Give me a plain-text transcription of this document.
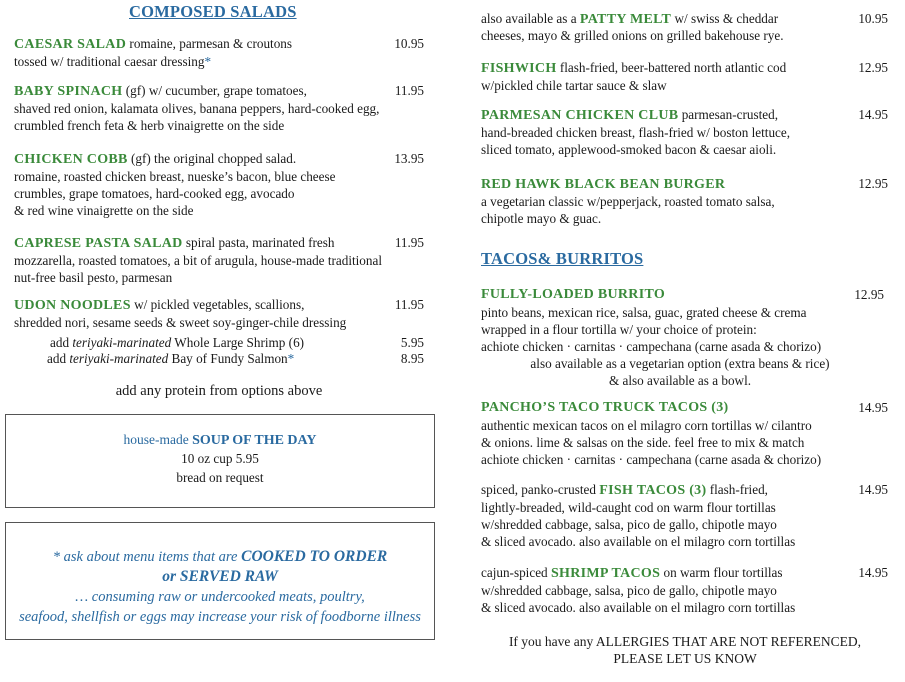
COMPOSED SALADS
CAESAR SALAD romaine, parmesan & croutons	10.95
tossed w/ traditional caesar dressing*
BABY SPINACH (gf) w/ cucumber, grape tomatoes,	11.95
shaved red onion, kalamata olives, banana peppers, hard-cooked egg,
crumbled french feta & herb vinaigrette on the side
CHICKEN COBB (gf) the original chopped salad.	13.95
romaine, roasted chicken breast, nueske’s bacon, blue cheese
crumbles, grape tomatoes, hard-cooked egg, avocado
& red wine vinaigrette on the side
CAPRESE PASTA SALAD spiral pasta, marinated fresh	11.95
mozzarella, roasted tomatoes, a bit of arugula, house-made traditional
nut-free basil pesto, parmesan
UDON NOODLES w/ pickled vegetables, scallions,	11.95
shredded nori, sesame seeds & sweet soy-ginger-chile dressing
add teriyaki-marinated Whole Large Shrimp (6)	5.95
add teriyaki-marinated Bay of Fundy Salmon*	8.95
add any protein from options above
house-made SOUP OF THE DAY
10 oz cup 5.95
bread on request
* ask about menu items that are COOKED TO ORDER
or SERVED RAW
… consuming raw or undercooked meats, poultry,
seafood, shellfish or eggs may increase your risk of foodborne illness
also available as a PATTY MELT w/ swiss & cheddar	10.95
cheeses, mayo & grilled onions on grilled bakehouse rye.
FISHWICH flash-fried, beer-battered north atlantic cod	12.95
w/pickled chile tartar sauce & slaw
PARMESAN CHICKEN CLUB parmesan-crusted,	14.95
hand-breaded chicken breast, flash-fried w/ boston lettuce,
sliced tomato, applewood-smoked bacon & caesar aioli.
RED HAWK BLACK BEAN BURGER	12.95
a vegetarian classic w/pepperjack, roasted tomato salsa,
chipotle mayo & guac.
TACOS& BURRITOS
FULLY-LOADED BURRITO	12.95
pinto beans, mexican rice, salsa, guac, grated cheese & crema
wrapped in a flour tortilla w/ your choice of protein:
achiote chicken · carnitas · campechana (carne asada & chorizo)
also available as a vegetarian option (extra beans & rice)
& also available as a bowl.
PANCHO’S TACO TRUCK TACOS (3)	14.95
authentic mexican tacos on el milagro corn tortillas w/ cilantro
& onions. lime & salsas on the side. feel free to mix & match
achiote chicken · carnitas · campechana (carne asada & chorizo)
spiced, panko-crusted FISH TACOS (3) flash-fried,	14.95
lightly-breaded, wild-caught cod on warm flour tortillas
w/shredded cabbage, salsa, pico de gallo, chipotle mayo
& sliced avocado. also available on el milagro corn tortillas
cajun-spiced SHRIMP TACOS on warm flour tortillas	14.95
w/shredded cabbage, salsa, pico de gallo, chipotle mayo
& sliced avocado. also available on el milagro corn tortillas
If you have any ALLERGIES THAT ARE NOT REFERENCED,
PLEASE LET US KNOW
